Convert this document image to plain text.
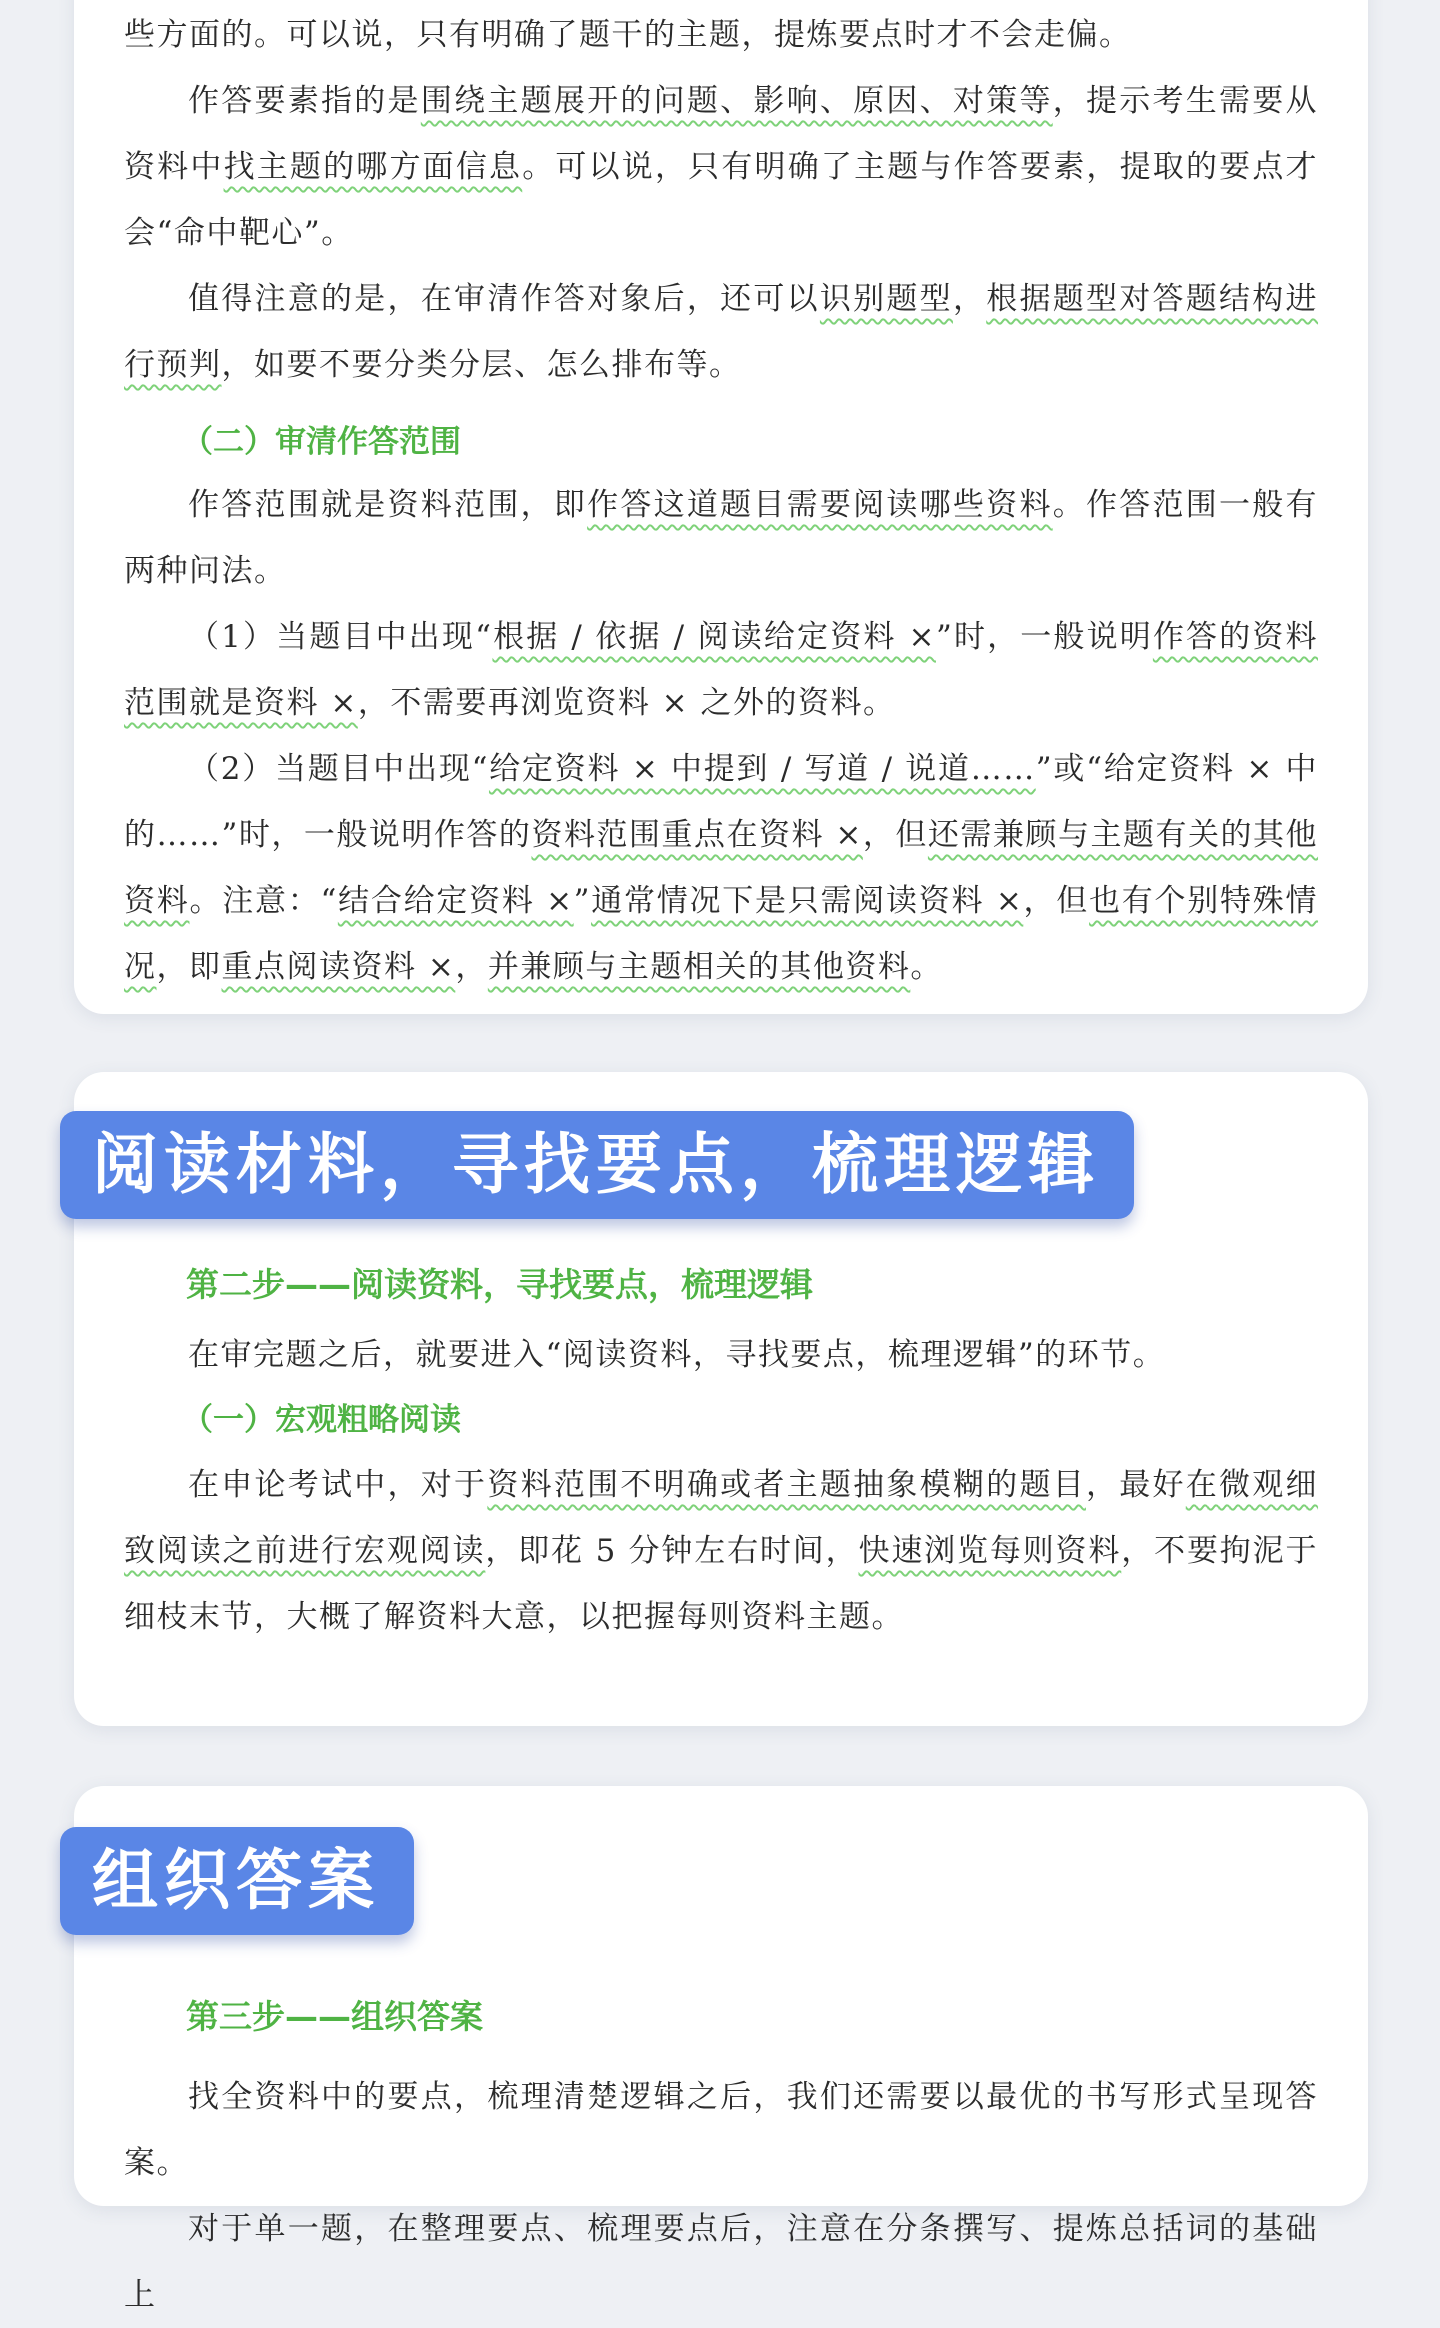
些方面的。可以说，只有明确了题干的主题，提炼要点时才不会走偏。

作答要素指的是围绕主题展开的问题、影响、原因、对策等，提示考生需要从资料中找主题的哪方面信息。可以说，只有明确了主题与作答要素，提取的要点才会“命中靶心”。

值得注意的是，在审清作答对象后，还可以识别题型，根据题型对答题结构进行预判，如要不要分类分层、怎么排布等。

（二）审清作答范围

作答范围就是资料范围，即作答这道题目需要阅读哪些资料。作答范围一般有两种问法。

（1）当题目中出现“根据 / 依据 / 阅读给定资料 ×”时，一般说明作答的资料范围就是资料 ×，不需要再浏览资料 × 之外的资料。

（2）当题目中出现“给定资料 × 中提到 / 写道 / 说道……”或“给定资料 × 中的……”时，一般说明作答的资料范围重点在资料 ×，但还需兼顾与主题有关的其他资料。注意：“结合给定资料 ×”通常情况下是只需阅读资料 ×，但也有个别特殊情况，即重点阅读资料 ×，并兼顾与主题相关的其他资料。

阅读材料，寻找要点，梳理逻辑
第二步——阅读资料，寻找要点，梳理逻辑

在审完题之后，就要进入“阅读资料，寻找要点，梳理逻辑”的环节。

（一）宏观粗略阅读

在申论考试中，对于资料范围不明确或者主题抽象模糊的题目，最好在微观细致阅读之前进行宏观阅读，即花 5 分钟左右时间，快速浏览每则资料，不要拘泥于细枝末节，大概了解资料大意，以把握每则资料主题。

组织答案
第三步——组织答案

找全资料中的要点，梳理清楚逻辑之后，我们还需要以最优的书写形式呈现答案。

对于单一题，在整理要点、梳理要点后，注意在分条撰写、提炼总括词的基础上
